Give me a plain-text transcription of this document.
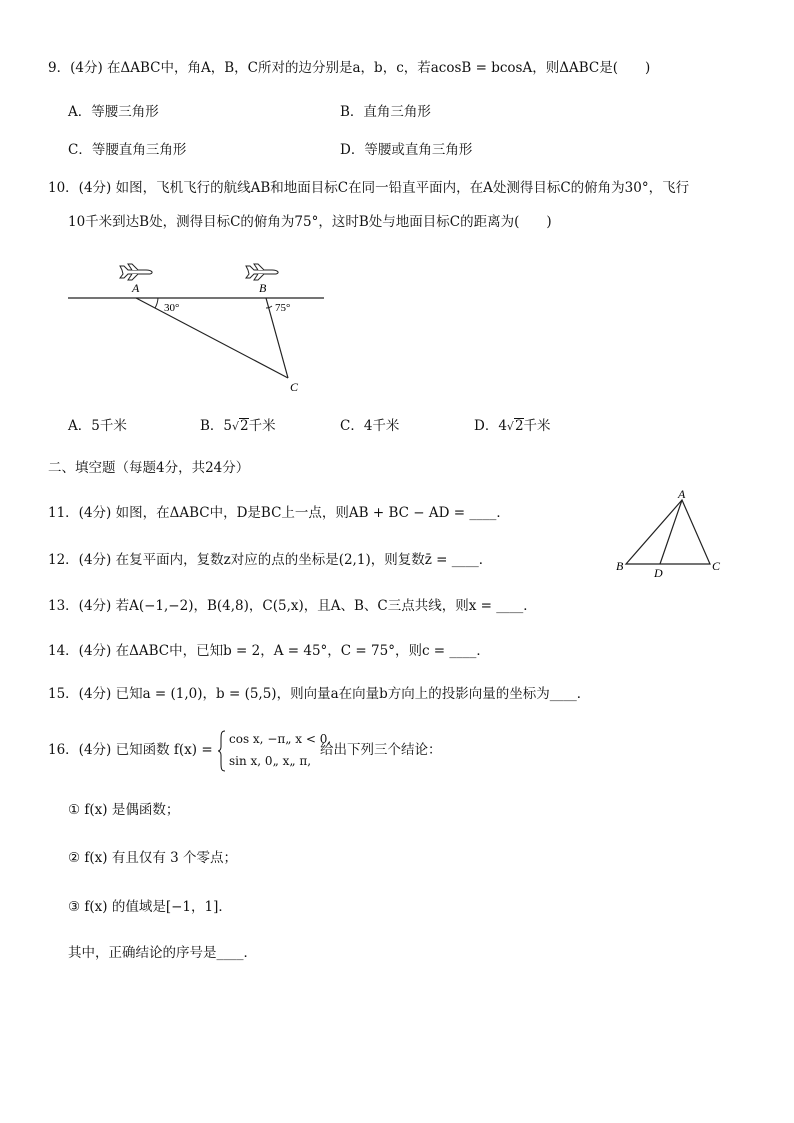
9．(4分) 在ΔABC中，角A，B，C所对的边分别是a，b，c，若acosB = bcosA，则ΔABC是(　　)
A．等腰三角形	B．直角三角形
C．等腰直角三角形	D．等腰或直角三角形
10．(4分) 如图，飞机飞行的航线AB和地面目标C在同一铅直平面内，在A处测得目标C的俯角为30°，飞行
10千米到达B处，测得目标C的俯角为75°，这时B处与地面目标C的距离为(　　)
A	B
C
30°	75°
A．5千米	B．5√2千米	C．4千米	D．4√2千米
二、填空题（每题4分，共24分）
11．(4分) 如图，在ΔABC中，D是BC上一点，则AB + BC − AD = ____．
A
B	C
D
12．(4分) 在复平面内，复数z对应的点的坐标是(2,1)，则复数z̄ = ____．
13．(4分) 若A(−1,−2)，B(4,8)，C(5,x)，且A、B、C三点共线，则x = ____．
14．(4分) 在ΔABC中，已知b = 2，A = 45°，C = 75°，则c = ____．
15．(4分) 已知a = (1,0)，b = (5,5)，则向量a在向量b方向上的投影向量的坐标为____．
16．(4分) 已知函数 f(x) =
cos x, −π„ x < 0,
sin x, 0„ x„ π,
给出下列三个结论：
① f(x) 是偶函数；
② f(x) 有且仅有 3 个零点；
③ f(x) 的值域是[−1，1]．
其中，正确结论的序号是____．
